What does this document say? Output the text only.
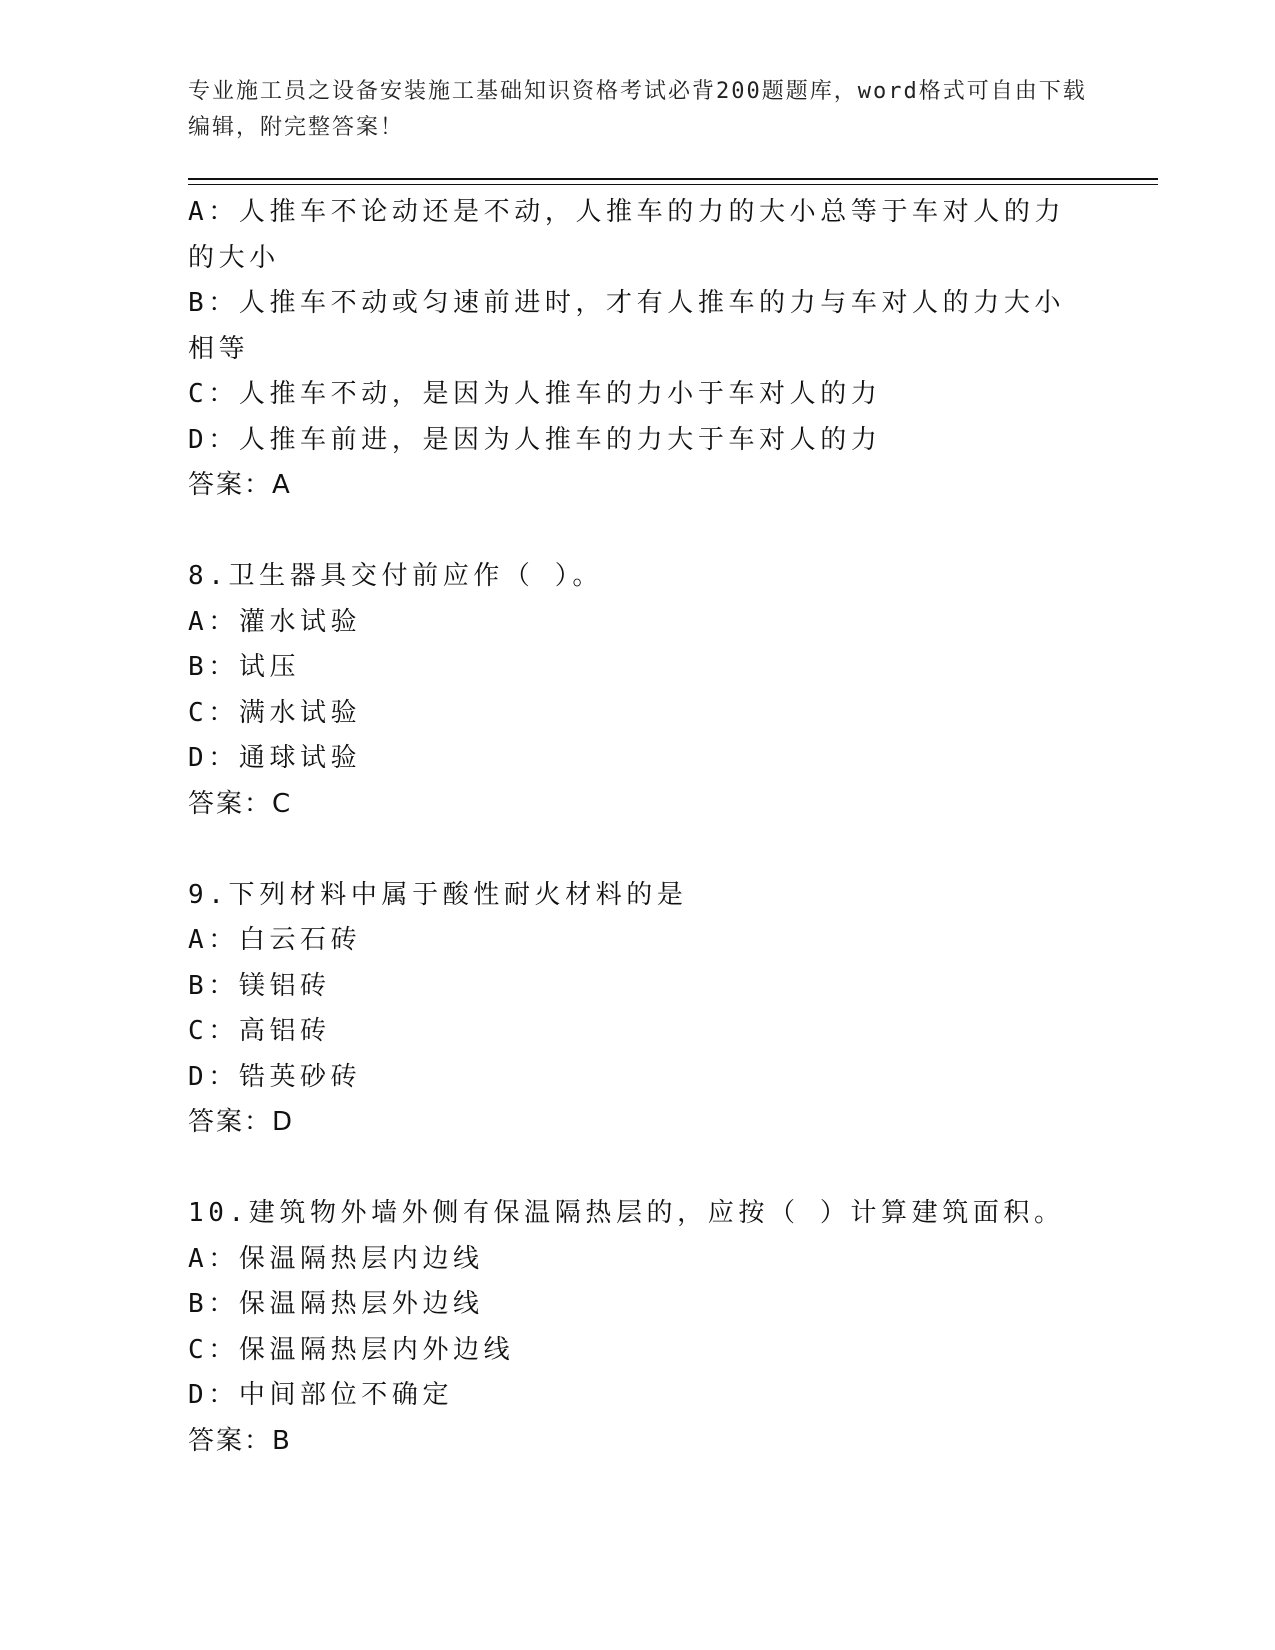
专业施工员之设备安装施工基础知识资格考试必背200题题库，word格式可自由下载编辑，附完整答案！
A：人推车不论动还是不动，人推车的力的大小总等于车对人的力的大小
B：人推车不动或匀速前进时，才有人推车的力与车对人的力大小相等
C：人推车不动，是因为人推车的力小于车对人的力
D：人推车前进，是因为人推车的力大于车对人的力
答案：A
8.卫生器具交付前应作（ ）。
A：灌水试验
B：试压
C：满水试验
D：通球试验
答案：C
9.下列材料中属于酸性耐火材料的是
A：白云石砖
B：镁铝砖
C：高铝砖
D：锆英砂砖
答案：D
10.建筑物外墙外侧有保温隔热层的，应按（ ）计算建筑面积。
A：保温隔热层内边线
B：保温隔热层外边线
C：保温隔热层内外边线
D：中间部位不确定
答案：B
